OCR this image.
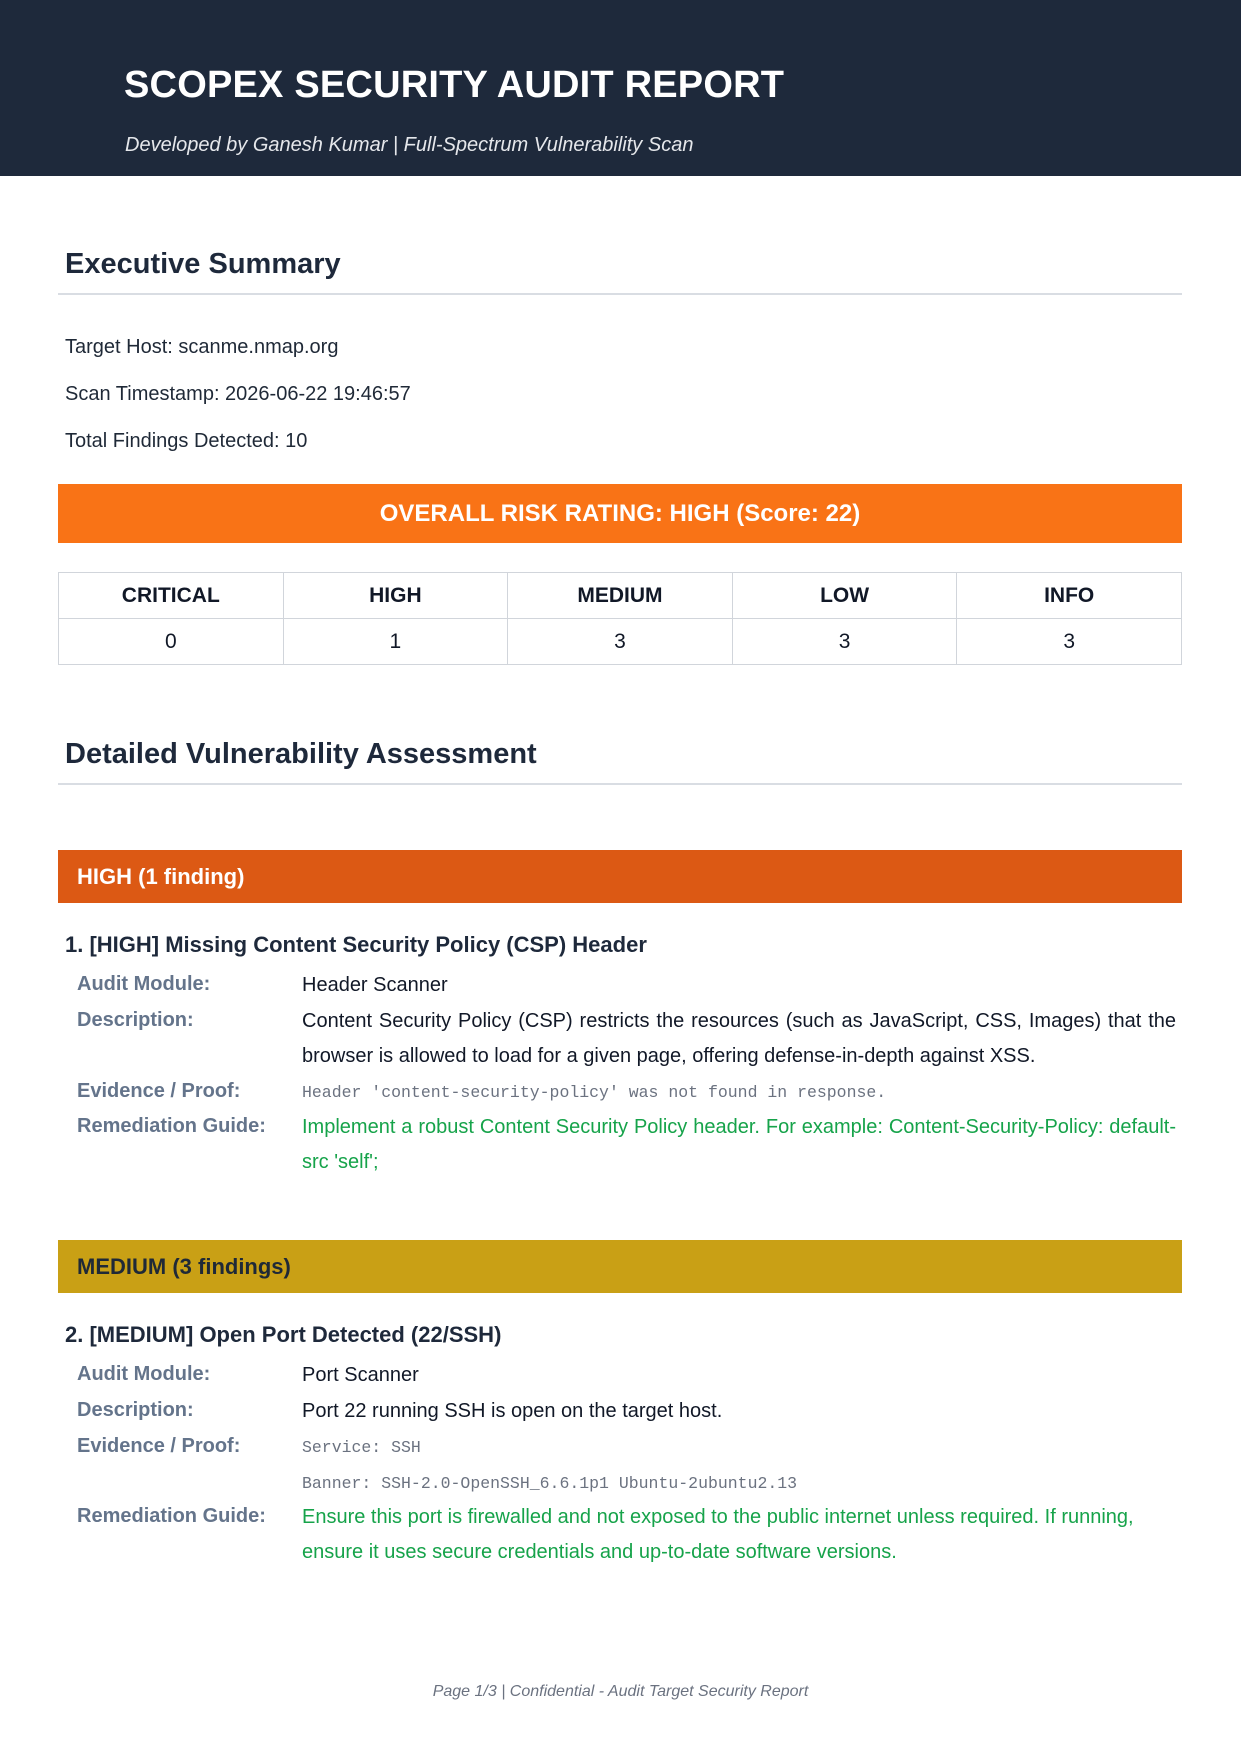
SCOPEX SECURITY AUDIT REPORT
Developed by Ganesh Kumar | Full-Spectrum Vulnerability Scan
Executive Summary
Target Host: scanme.nmap.org
Scan Timestamp: 2026-06-22 19:46:57
Total Findings Detected: 10
OVERALL RISK RATING: HIGH (Score: 22)
CRITICAL	HIGH	MEDIUM	LOW	INFO
0	1	3	3	3
Detailed Vulnerability Assessment
HIGH (1 finding)
1. [HIGH] Missing Content Security Policy (CSP) Header
Audit Module:	Header Scanner
Description:	Content Security Policy (CSP) restricts the resources (such as JavaScript, CSS, Images) that the browser is allowed to load for a given page, offering defense-in-depth against XSS.
Evidence / Proof:	Header 'content-security-policy' was not found in response.
Remediation Guide: Implement a robust Content Security Policy header. For example: Content-Security-Policy: default-src 'self';
MEDIUM (3 findings)
2. [MEDIUM] Open Port Detected (22/SSH)
Audit Module:	Port Scanner
Description:	Port 22 running SSH is open on the target host.
Evidence / Proof:	Service: SSH
Banner: SSH-2.0-OpenSSH_6.6.1p1 Ubuntu-2ubuntu2.13
Remediation Guide: Ensure this port is firewalled and not exposed to the public internet unless required. If running, ensure it uses secure credentials and up-to-date software versions.
Page 1/3 | Confidential - Audit Target Security Report
